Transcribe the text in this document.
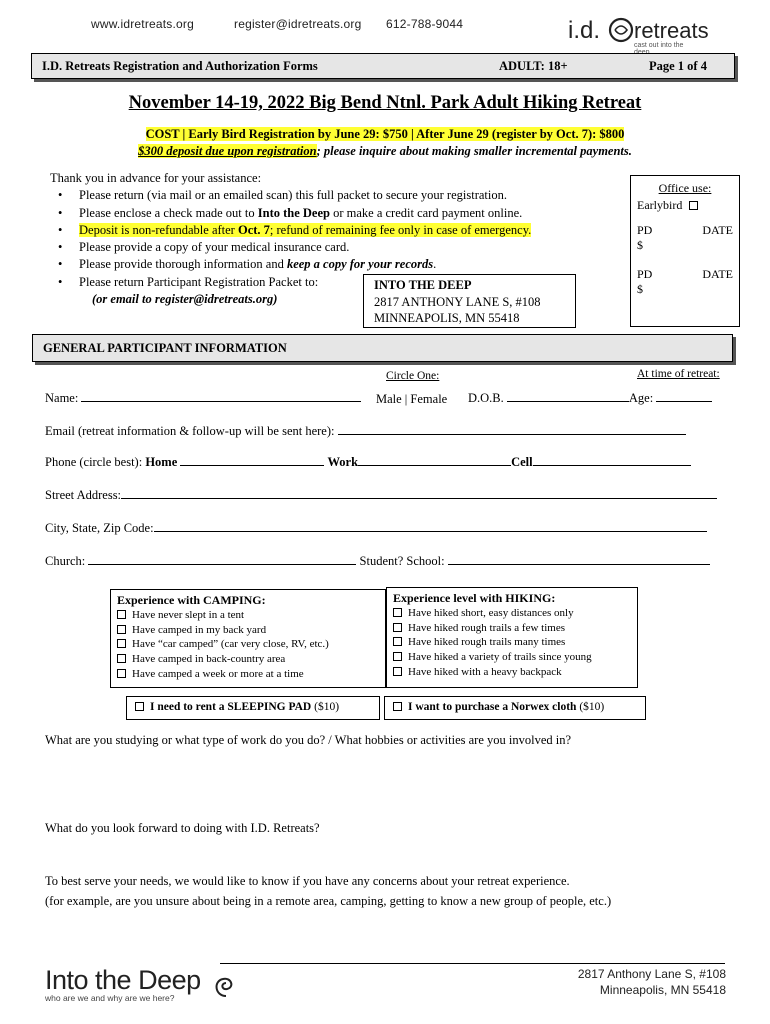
www.idretreats.org	register@idretreats.org 612-788-9044	i.d. retreats
cast out into the
I.D. Retreats Registration and Authorization Forms	ADULT: 18+	Page 1 of 4
November 14-19, 2022 Big Bend Ntnl. Park Adult Hiking Retreat
COST | Early Bird Registration by June 29: $750 | After June 29 (register by Oct. 7): $800
$300 deposit due upon registration; please inquire about making smaller incremental payments.
Thank you in advance for your assistance:
• Please return (via mail or an emailed scan) this full packet to secure your registration.
• Please enclose a check made out to Into the Deep or make a credit card payment online.
• Deposit is non-refundable after Oct. 7; refund of remaining fee only in case of emergency.
• Please provide a copy of your medical insurance card.
• Please provide thorough information and keep a copy for your records.
• Please return Participant Registration Packet to:
(or email to register@idretreats.org)
INTO THE DEEP
2817 ANTHONY LANE S, #108
MINNEAPOLIS, MN 55418
Office use:
Earlybird
PD	DATE
$
PD	DATE
$
GENERAL PARTICIPANT INFORMATION
Circle One:	At time of retreat:
Name:	Male | Female D.O.B.	Age:
Email (retreat information & follow-up will be sent here):
Phone (circle best): Home	Work	Cell
Street Address:
City, State, Zip Code:
Church:	Student? School:
Experience with CAMPING:
Have never slept in a tent
Have camped in my back yard
Have “car camped” (car very close, RV, etc.)
Have camped in back-country area
Have camped a week or more at a time
Experience level with HIKING:
Have hiked short, easy distances only
Have hiked rough trails a few times
Have hiked rough trails many times
Have hiked a variety of trails since young
Have hiked with a heavy backpack
I need to rent a SLEEPING PAD ($10)	I want to purchase a Norwex cloth ($10)
What are you studying or what type of work do you do? / What hobbies or activities are you involved in?
What do you look forward to doing with I.D. Retreats?
To best serve your needs, we would like to know if you have any concerns about your retreat experience.
(for example, are you unsure about being in a remote area, camping, getting to know a new group of people, etc.)
Into the Deep
who are we and why are we here?
2817 Anthony Lane S, #108
Minneapolis, MN 55418
